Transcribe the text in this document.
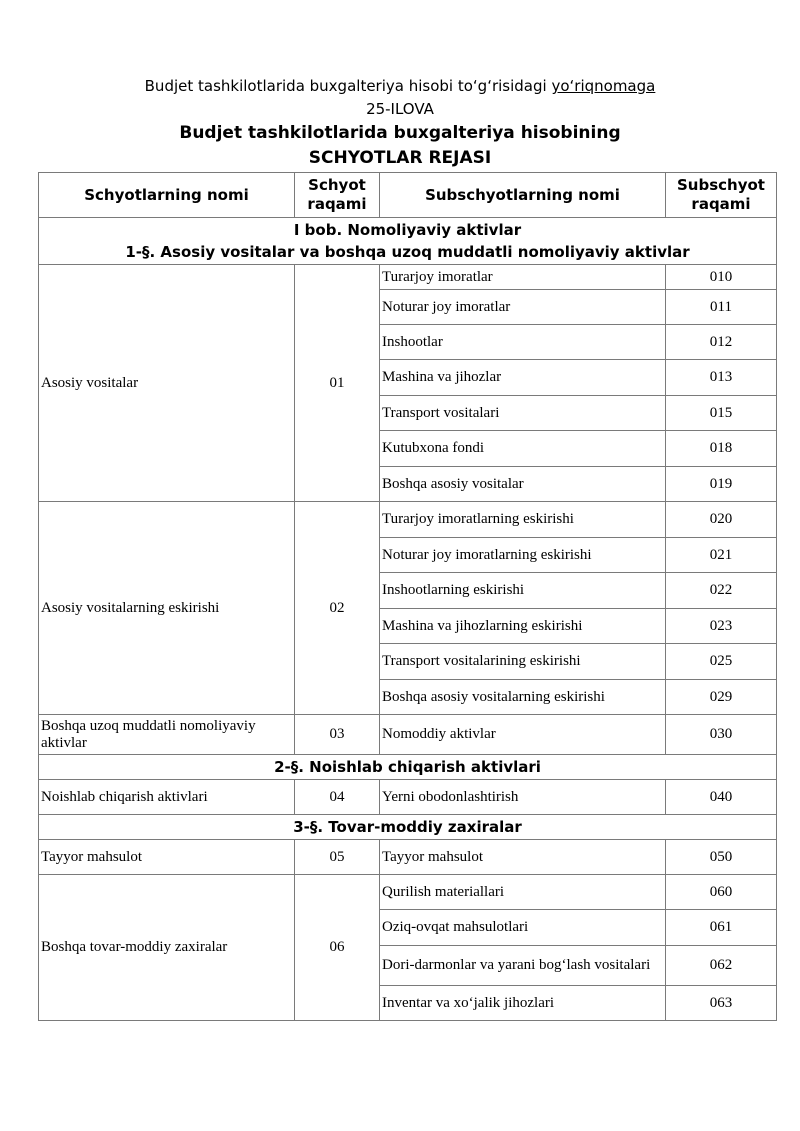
Budjet tashkilotlarida buxgalteriya hisobi to‘g‘risidagi yo‘riqnomaga
25-ILOVA
Budjet tashkilotlarida buxgalteriya hisobining
SCHYOTLAR REJASI
Schyotlarning nomi	Schyot raqami	Subschyotlarning nomi	Subschyot raqami

I bob. Nomoliyaviy aktivlar
1-§. Asosiy vositalar va boshqa uzoq muddatli nomoliyaviy aktivlar			

Asosiy vositalar	01	Turarjoy imoratlar	010
		Noturar joy imoratlar	011
		Inshootlar	012
		Mashina va jihozlar	013
		Transport vositalari	015
		Kutubxona fondi	018
		Boshqa asosiy vositalar	019
Asosiy vositalarning eskirishi	02	Turarjoy imoratlarning eskirishi	020
		Noturar joy imoratlarning eskirishi	021
		Inshootlarning eskirishi	022
		Mashina va jihozlarning eskirishi	023
		Transport vositalarining eskirishi	025
		Boshqa asosiy vositalarning eskirishi	029
Boshqa uzoq muddatli nomoliyaviy aktivlar	03	Nomoddiy aktivlar	030
2-§. Noishlab chiqarish aktivlari			
Noishlab chiqarish aktivlari	04	Yerni obodonlashtirish	040
3-§. Tovar-moddiy zaxiralar			
Tayyor mahsulot	05	Tayyor mahsulot	050
Boshqa tovar-moddiy zaxiralar	06	Qurilish materiallari	060
		Oziq-ovqat mahsulotlari	061
		Dori-darmonlar va yarani bog‘lash vositalari	062
		Inventar va xo‘jalik jihozlari	063
